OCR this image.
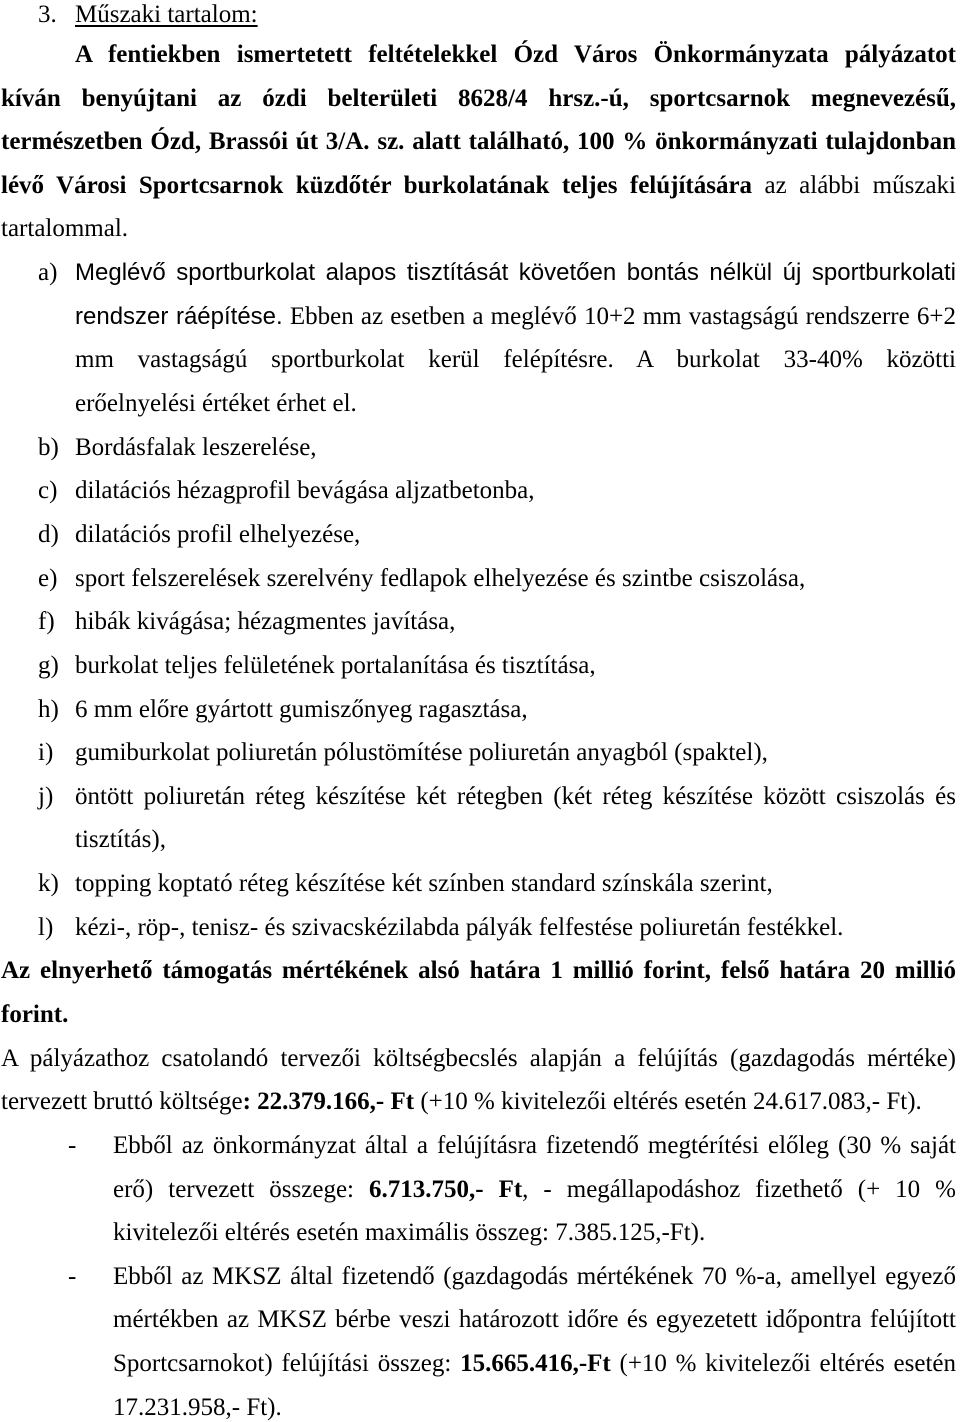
3. Műszaki tartalom:
A fentiekben ismertetett feltételekkel Ózd Város Önkormányzata pályázatot
kíván benyújtani az ózdi belterületi 8628/4 hrsz.-ú, sportcsarnok megnevezésű,
természetben Ózd, Brassói út 3/A. sz. alatt található, 100 % önkormányzati tulajdonban
lévő Városi Sportcsarnok küzdőtér burkolatának teljes felújítására az alábbi műszaki
tartalommal.
a) Meglévő sportburkolat alapos tisztítását követően bontás nélkül új sportburkolati
rendszer ráépítése. Ebben az esetben a meglévő 10+2 mm vastagságú rendszerre 6+2
mm vastagságú sportburkolat kerül felépítésre. A burkolat 33-40% közötti
erőelnyelési értéket érhet el.
b) Bordásfalak leszerelése,
c) dilatációs hézagprofil bevágása aljzatbetonba,
d) dilatációs profil elhelyezése,
e) sport felszerelések szerelvény fedlapok elhelyezése és szintbe csiszolása,
f) hibák kivágása; hézagmentes javítása,
g) burkolat teljes felületének portalanítása és tisztítása,
h) 6 mm előre gyártott gumiszőnyeg ragasztása,
i) gumiburkolat poliuretán pólustömítése poliuretán anyagból (spaktel),
j) öntött poliuretán réteg készítése két rétegben (két réteg készítése között csiszolás és
tisztítás),
k) topping koptató réteg készítése két színben standard színskála szerint,
l) kézi-, röp-, tenisz- és szivacskézilabda pályák felfestése poliuretán festékkel.
Az elnyerhető támogatás mértékének alsó határa 1 millió forint, felső határa 20 millió
forint.
A pályázathoz csatolandó tervezői költségbecslés alapján a felújítás (gazdagodás mértéke)
tervezett bruttó költsége: 22.379.166,- Ft (+10 % kivitelezői eltérés esetén 24.617.083,- Ft).
- Ebből az önkormányzat által a felújításra fizetendő megtérítési előleg (30 % saját
erő) tervezett összege: 6.713.750,- Ft, - megállapodáshoz fizethető (+ 10 %
kivitelezői eltérés esetén maximális összeg: 7.385.125,-Ft).
- Ebből az MKSZ által fizetendő (gazdagodás mértékének 70 %-a, amellyel egyező
mértékben az MKSZ bérbe veszi határozott időre és egyezetett időpontra felújított
Sportcsarnokot) felújítási összeg: 15.665.416,-Ft (+10 % kivitelezői eltérés esetén
17.231.958,- Ft).
